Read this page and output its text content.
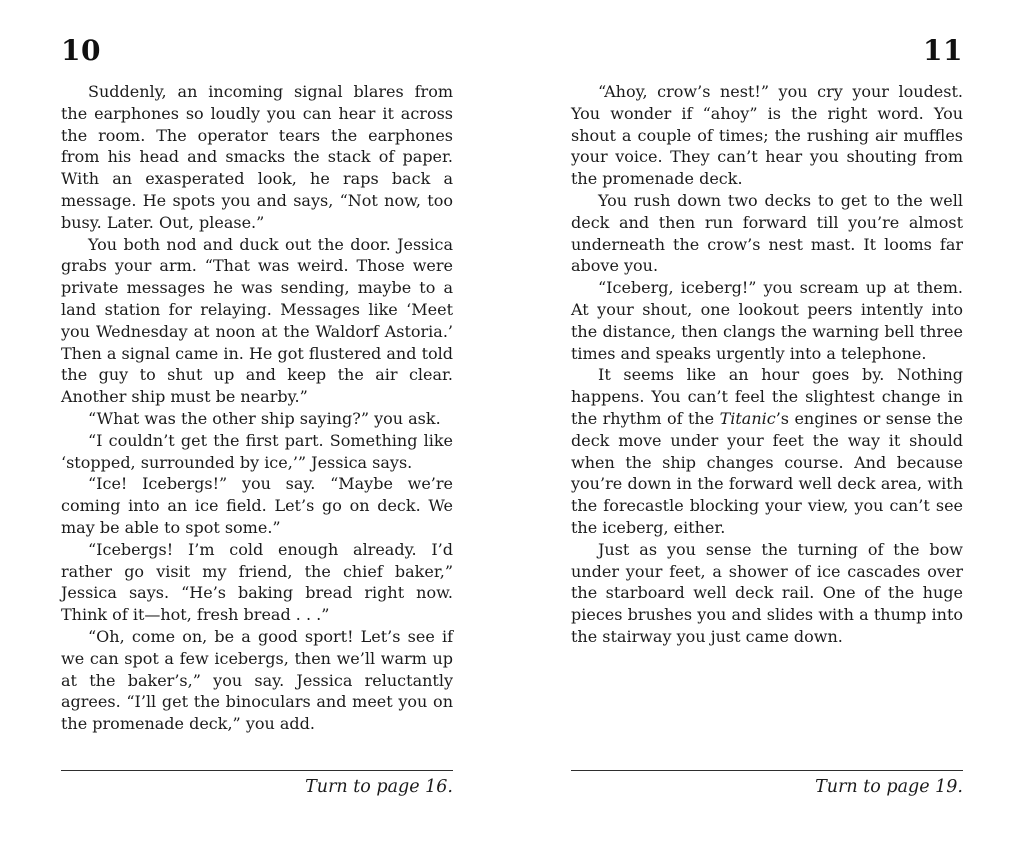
10

Suddenly, an incoming signal blares from the earphones so loudly you can hear it across the room. The operator tears the earphones from his head and smacks the stack of paper. With an exasperated look, he raps back a message. He spots you and says, “Not now, too busy. Later. Out, please.”

You both nod and duck out the door. Jessica grabs your arm. “That was weird. Those were private messages he was sending, maybe to a land station for relaying. Messages like ‘Meet you Wednesday at noon at the Waldorf Astoria.’ Then a signal came in. He got flustered and told the guy to shut up and keep the air clear. Another ship must be nearby.”

“What was the other ship saying?” you ask.

“I couldn’t get the first part. Something like ‘stopped, surrounded by ice,’” Jessica says.

“Ice! Icebergs!” you say. “Maybe we’re coming into an ice field. Let’s go on deck. We may be able to spot some.”

“Icebergs! I’m cold enough already. I’d rather go visit my friend, the chief baker,” Jessica says. “He’s baking bread right now. Think of it—hot, fresh bread . . .”

“Oh, come on, be a good sport! Let’s see if we can spot a few icebergs, then we’ll warm up at the baker’s,” you say. Jessica reluctantly agrees. “I’ll get the binoculars and meet you on the promenade deck,” you add.

Turn to page 16.
11

“Ahoy, crow’s nest!” you cry your loudest. You wonder if “ahoy” is the right word. You shout a couple of times; the rushing air muffles your voice. They can’t hear you shouting from the promenade deck.

You rush down two decks to get to the well deck and then run forward till you’re almost underneath the crow’s nest mast. It looms far above you.

“Iceberg, iceberg!” you scream up at them. At your shout, one lookout peers intently into the distance, then clangs the warning bell three times and speaks urgently into a telephone.

It seems like an hour goes by. Nothing happens. You can’t feel the slightest change in the rhythm of the Titanic’s engines or sense the deck move under your feet the way it should when the ship changes course. And because you’re down in the forward well deck area, with the forecastle blocking your view, you can’t see the iceberg, either.

Just as you sense the turning of the bow under your feet, a shower of ice cascades over the starboard well deck rail. One of the huge pieces brushes you and slides with a thump into the stairway you just came down.

Turn to page 19.
